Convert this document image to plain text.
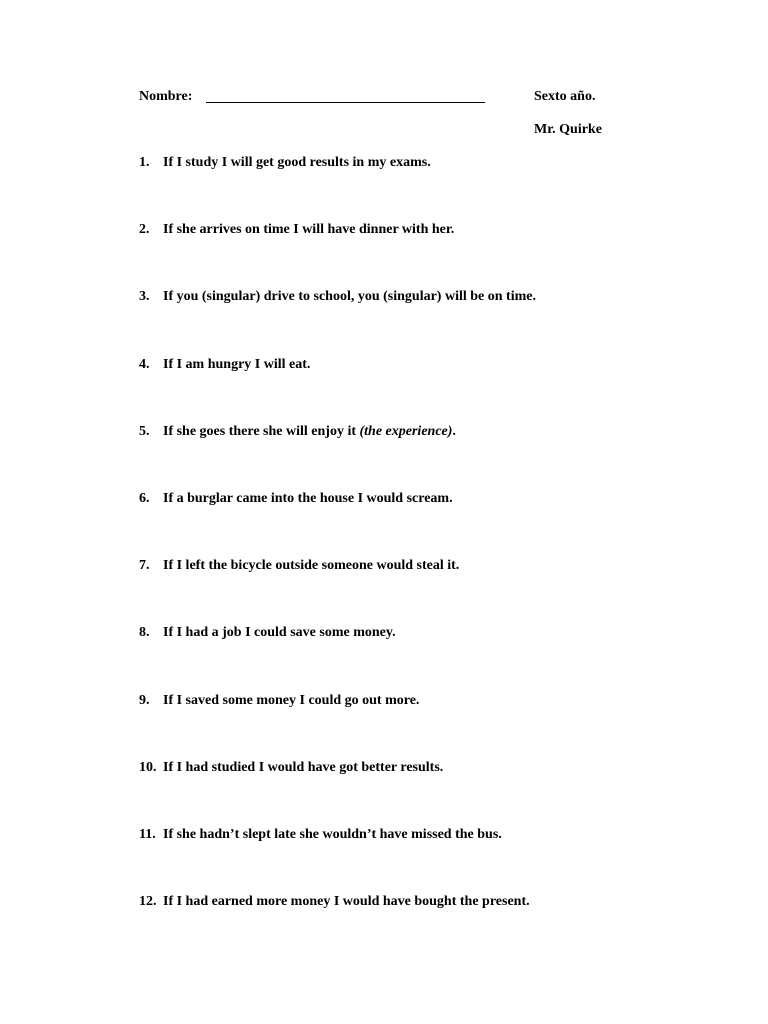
Nombre:	Sexto año.
Mr. Quirke
1. If I study I will get good results in my exams.
2. If she arrives on time I will have dinner with her.
3. If you (singular) drive to school, you (singular) will be on time.
4. If I am hungry I will eat.
5. If she goes there she will enjoy it (the experience).
6. If a burglar came into the house I would scream.
7. If I left the bicycle outside someone would steal it.
8. If I had a job I could save some money.
9. If I saved some money I could go out more.
10. If I had studied I would have got better results.
11. If she hadn’t slept late she wouldn’t have missed the bus.
12. If I had earned more money I would have bought the present.
